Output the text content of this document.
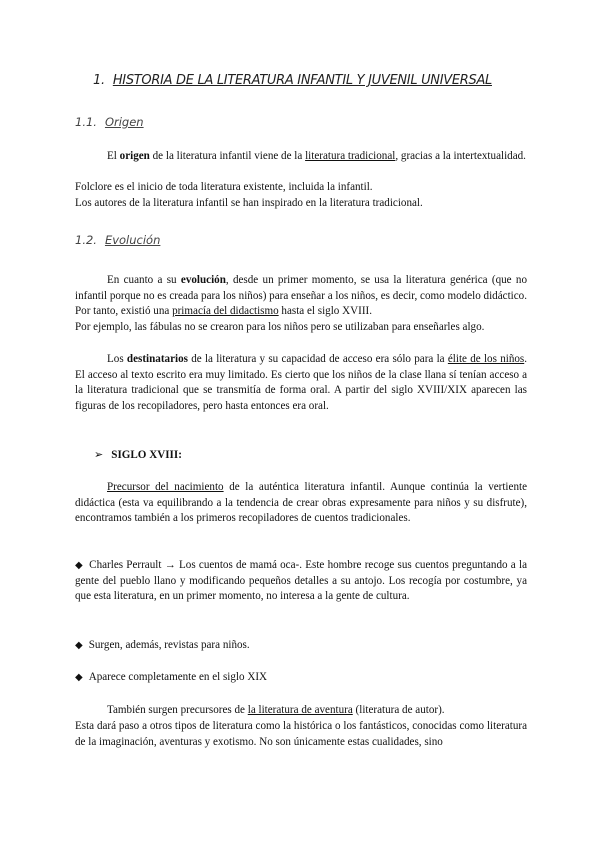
1. HISTORIA DE LA LITERATURA INFANTIL Y JUVENIL UNIVERSAL
1.1. Origen
El origen de la literatura infantil viene de la literatura tradicional, gracias a la intertextualidad.
Folclore es el inicio de toda literatura existente, incluida la infantil.
Los autores de la literatura infantil se han inspirado en la literatura tradicional.
1.2. Evolución
En cuanto a su evolución, desde un primer momento, se usa la literatura genérica (que no infantil porque no es creada para los niños) para enseñar a los niños, es decir, como modelo didáctico. Por tanto, existió una primacía del didactismo hasta el siglo XVIII.
Por ejemplo, las fábulas no se crearon para los niños pero se utilizaban para enseñarles algo.
Los destinatarios de la literatura y su capacidad de acceso era sólo para la élite de los niños. El acceso al texto escrito era muy limitado. Es cierto que los niños de la clase llana sí tenían acceso a la literatura tradicional que se transmitía de forma oral. A partir del siglo XVIII/XIX aparecen las figuras de los recopiladores, pero hasta entonces era oral.
➢ SIGLO XVIII:
Precursor del nacimiento de la auténtica literatura infantil. Aunque continúa la vertiente didáctica (esta va equilibrando a la tendencia de crear obras expresamente para niños y su disfrute), encontramos también a los primeros recopiladores de cuentos tradicionales.
◆ Charles Perrault → Los cuentos de mamá oca-. Este hombre recoge sus cuentos preguntando a la gente del pueblo llano y modificando pequeños detalles a su antojo. Los recogía por costumbre, ya que esta literatura, en un primer momento, no interesa a la gente de cultura.
◆ Surgen, además, revistas para niños.
◆ Aparece completamente en el siglo XIX
También surgen precursores de la literatura de aventura (literatura de autor).
Esta dará paso a otros tipos de literatura como la histórica o los fantásticos, conocidas como literatura de la imaginación, aventuras y exotismo. No son únicamente estas cualidades, sino
